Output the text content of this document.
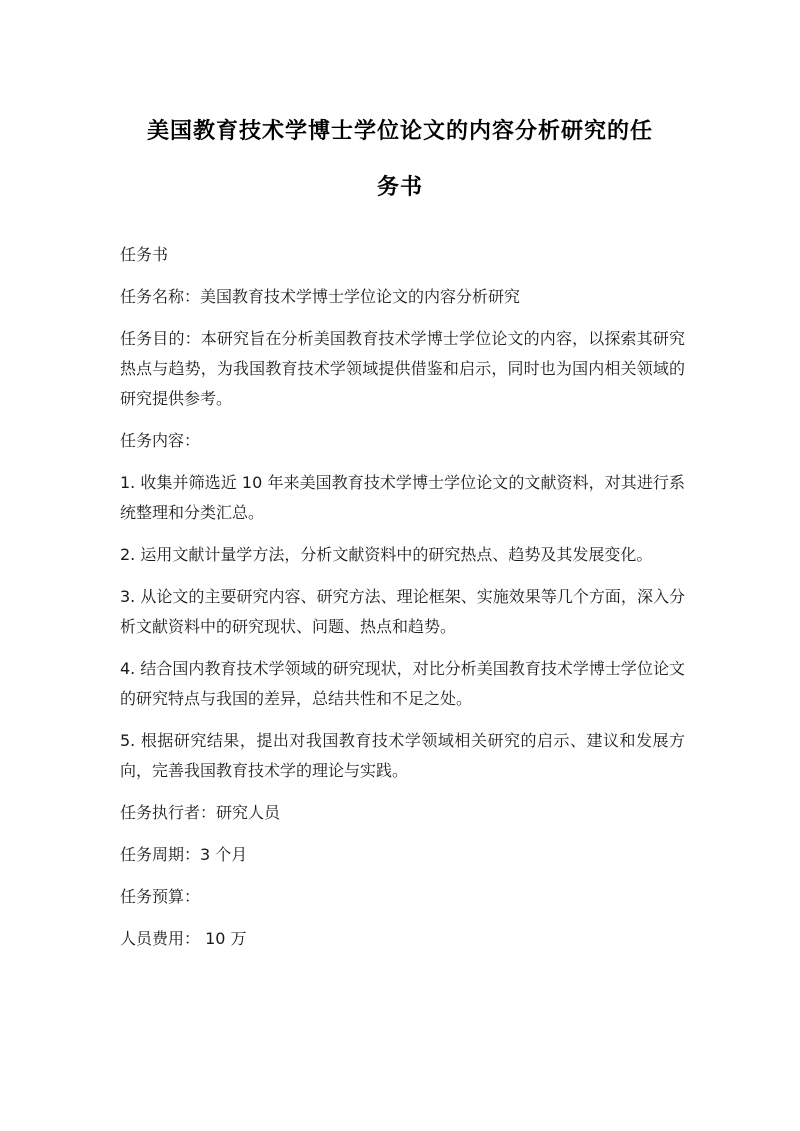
美国教育技术学博士学位论文的内容分析研究的任
务书

任务书

任务名称：美国教育技术学博士学位论文的内容分析研究

任务目的：本研究旨在分析美国教育技术学博士学位论文的内容，以探索其研究热点与趋势，为我国教育技术学领域提供借鉴和启示，同时也为国内相关领域的研究提供参考。

任务内容：

1. 收集并筛选近 10 年来美国教育技术学博士学位论文的文献资料，对其进行系统整理和分类汇总。

2. 运用文献计量学方法，分析文献资料中的研究热点、趋势及其发展变化。

3. 从论文的主要研究内容、研究方法、理论框架、实施效果等几个方面，深入分析文献资料中的研究现状、问题、热点和趋势。

4. 结合国内教育技术学领域的研究现状，对比分析美国教育技术学博士学位论文的研究特点与我国的差异，总结共性和不足之处。

5. 根据研究结果，提出对我国教育技术学领域相关研究的启示、建议和发展方向，完善我国教育技术学的理论与实践。

任务执行者：研究人员

任务周期：3 个月

任务预算：

人员费用： 10 万
